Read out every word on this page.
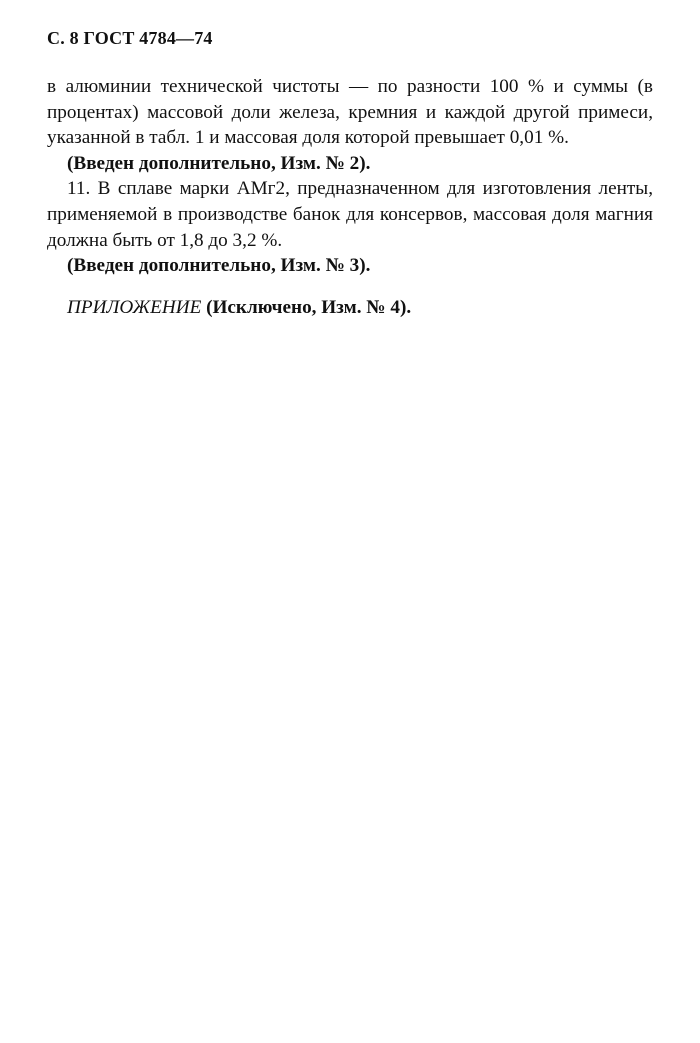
С. 8 ГОСТ 4784—74

в алюминии технической чистоты — по разности 100 % и суммы (в процентах) массовой доли железа, кремния и каждой другой примеси, указанной в табл. 1 и массовая доля которой превышает 0,01 %.

(Введен дополнительно, Изм. № 2).

11. В сплаве марки АМг2, предназначенном для изготовления ленты, применяемой в производстве банок для консервов, массовая доля магния должна быть от 1,8 до 3,2 %.

(Введен дополнительно, Изм. № 3).

ПРИЛОЖЕНИЕ (Исключено, Изм. № 4).
